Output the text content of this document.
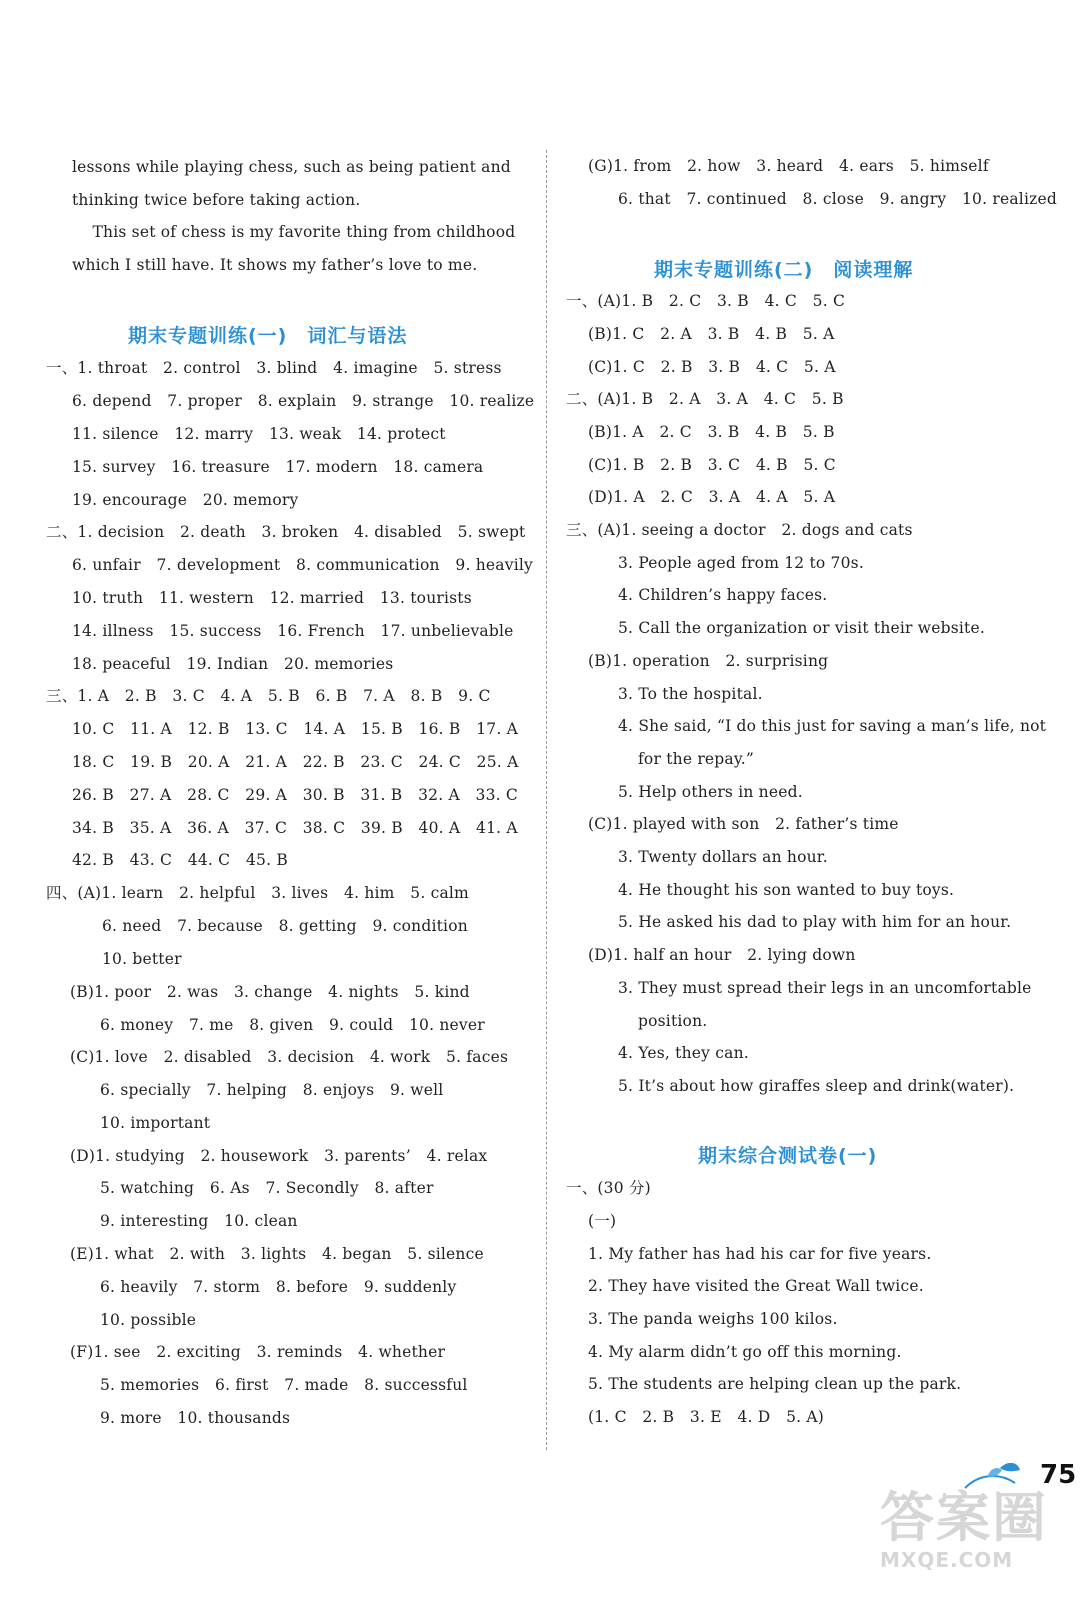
lessons while playing chess, such as being patient and
thinking twice before taking action.
This set of chess is my favorite thing from childhood
which I still have. It shows my father’s love to me.
期末专题训练(一)　词汇与语法
一、1. throat　2. control　3. blind　4. imagine　5. stress
6. depend　7. proper　8. explain　9. strange　10. realize
11. silence　12. marry　13. weak　14. protect
15. survey　16. treasure　17. modern　18. camera
19. encourage　20. memory
二、1. decision　2. death　3. broken　4. disabled　5. swept
6. unfair　7. development　8. communication　9. heavily
10. truth　11. western　12. married　13. tourists
14. illness　15. success　16. French　17. unbelievable
18. peaceful　19. Indian　20. memories
三、1. A　2. B　3. C　4. A　5. B　6. B　7. A　8. B　9. C
10. C　11. A　12. B　13. C　14. A　15. B　16. B　17. A
18. C　19. B　20. A　21. A　22. B　23. C　24. C　25. A
26. B　27. A　28. C　29. A　30. B　31. B　32. A　33. C
34. B　35. A　36. A　37. C　38. C　39. B　40. A　41. A
42. B　43. C　44. C　45. B
四、(A)1. learn　2. helpful　3. lives　4. him　5. calm
6. need　7. because　8. getting　9. condition
10. better
(B)1. poor　2. was　3. change　4. nights　5. kind
6. money　7. me　8. given　9. could　10. never
(C)1. love　2. disabled　3. decision　4. work　5. faces
6. specially　7. helping　8. enjoys　9. well
10. important
(D)1. studying　2. housework　3. parents’　4. relax
5. watching　6. As　7. Secondly　8. after
9. interesting　10. clean
(E)1. what　2. with　3. lights　4. began　5. silence
6. heavily　7. storm　8. before　9. suddenly
10. possible
(F)1. see　2. exciting　3. reminds　4. whether
5. memories　6. first　7. made　8. successful
9. more　10. thousands
(G)1. from　2. how　3. heard　4. ears　5. himself
6. that　7. continued　8. close　9. angry　10. realized
期末专题训练(二)　阅读理解
一、(A)1. B　2. C　3. B　4. C　5. C
(B)1. C　2. A　3. B　4. B　5. A
(C)1. C　2. B　3. B　4. C　5. A
二、(A)1. B　2. A　3. A　4. C　5. B
(B)1. A　2. C　3. B　4. B　5. B
(C)1. B　2. B　3. C　4. B　5. C
(D)1. A　2. C　3. A　4. A　5. A
三、(A)1. seeing a doctor　2. dogs and cats
3. People aged from 12 to 70s.
4. Children’s happy faces.
5. Call the organization or visit their website.
(B)1. operation　2. surprising
3. To the hospital.
4. She said, “I do this just for saving a man’s life, not
for the repay.”
5. Help others in need.
(C)1. played with son　2. father’s time
3. Twenty dollars an hour.
4. He thought his son wanted to buy toys.
5. He asked his dad to play with him for an hour.
(D)1. half an hour　2. lying down
3. They must spread their legs in an uncomfortable
position.
4. Yes, they can.
5. It’s about how giraffes sleep and drink(water).
期末综合测试卷(一)
一、(30 分)
(一)
1. My father has had his car for five years.
2. They have visited the Great Wall twice.
3. The panda weighs 100 kilos.
4. My alarm didn’t go off this morning.
5. The students are helping clean up the park.
(1. C　2. B　3. E　4. D　5. A)
75
答案圈
MXQE.COM
